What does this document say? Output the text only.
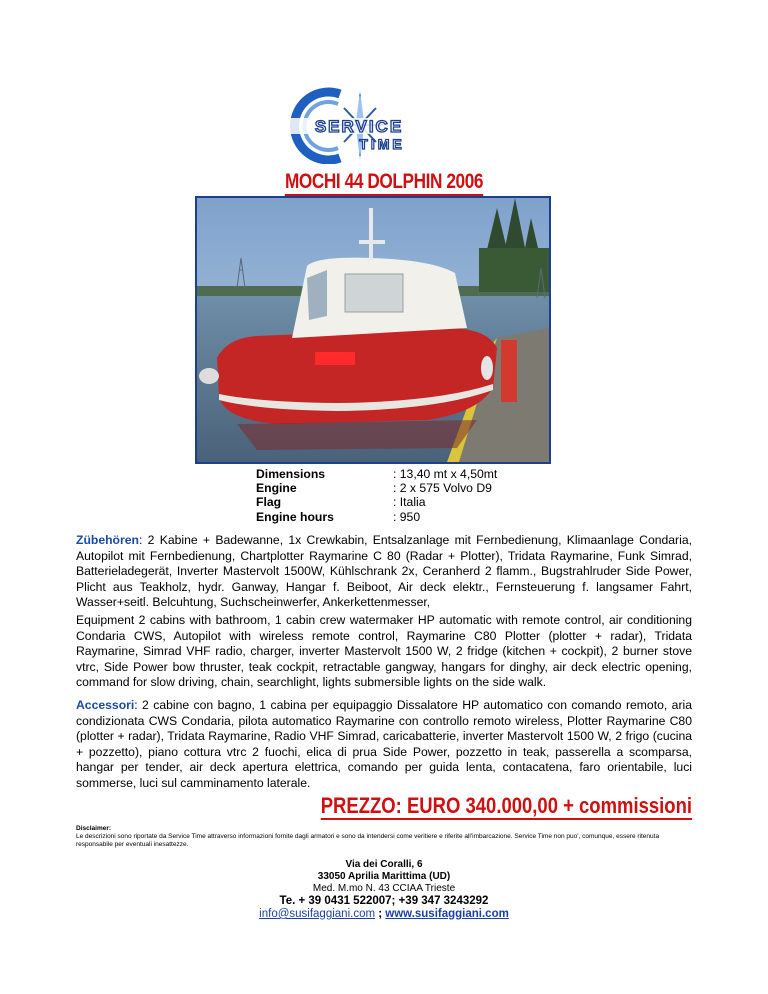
SERVICE
TIME
MOCHI 44 DOLPHIN 2006
Dimensions	: 13,40 mt x 4,50mt
Engine	: 2 x 575 Volvo D9
Flag	: Italia
Engine hours	: 950
Zübehören: 2 Kabine + Badewanne, 1x Crewkabin, Entsalzanlage mit Fernbedienung, Klimaanlage Condaria, Autopilot mit Fernbedienung, Chartplotter Raymarine C 80 (Radar + Plotter), Tridata Raymarine, Funk Simrad, Batterieladegerät, Inverter Mastervolt 1500W, Kühlschrank 2x, Ceranherd 2 flamm., Bugstrahlruder Side Power, Plicht aus Teakholz, hydr. Ganway, Hangar f. Beiboot, Air deck elektr., Fernsteuerung f. langsamer Fahrt, Wasser+seitl. Belcuhtung, Suchscheinwerfer, Ankerkettenmesser,
Equipment 2 cabins with bathroom, 1 cabin crew watermaker HP automatic with remote control, air conditioning Condaria CWS, Autopilot with wireless remote control, Raymarine C80 Plotter (plotter + radar), Tridata Raymarine, Simrad VHF radio, charger, inverter Mastervolt 1500 W, 2 fridge (kitchen + cockpit), 2 burner stove vtrc, Side Power bow thruster, teak cockpit, retractable gangway, hangars for dinghy, air deck electric opening, command for slow driving, chain, searchlight, lights submersible lights on the side walk.
Accessori: 2 cabine con bagno, 1 cabina per equipaggio Dissalatore HP automatico con comando remoto, aria condizionata CWS Condaria, pilota automatico Raymarine con controllo remoto wireless, Plotter Raymarine C80 (plotter + radar), Tridata Raymarine, Radio VHF Simrad, caricabatterie, inverter Mastervolt 1500 W, 2 frigo (cucina + pozzetto), piano cottura vtrc 2 fuochi, elica di prua Side Power, pozzetto in teak, passerella a scomparsa, hangar per tender, air deck apertura elettrica, comando per guida lenta, contacatena, faro orientabile, luci sommerse, luci sul camminamento laterale.
PREZZO: EURO 340.000,00 + commissioni
Disclaimer:
Le descrizioni sono riportate da Service Time attraverso informazioni fornite dagli armatori e sono da intendersi come veritiere e riferite all'imbarcazione. Service Time non puo', comunque, essere ritenuta responsabile per eventuali inesattezze.
Via dei Coralli, 6
33050 Aprilia Marittima (UD)
Med. M.mo N. 43 CCIAA Trieste
Te. + 39 0431 522007; +39 347 3243292
info@susifaggiani.com ; www.susifaggiani.com
